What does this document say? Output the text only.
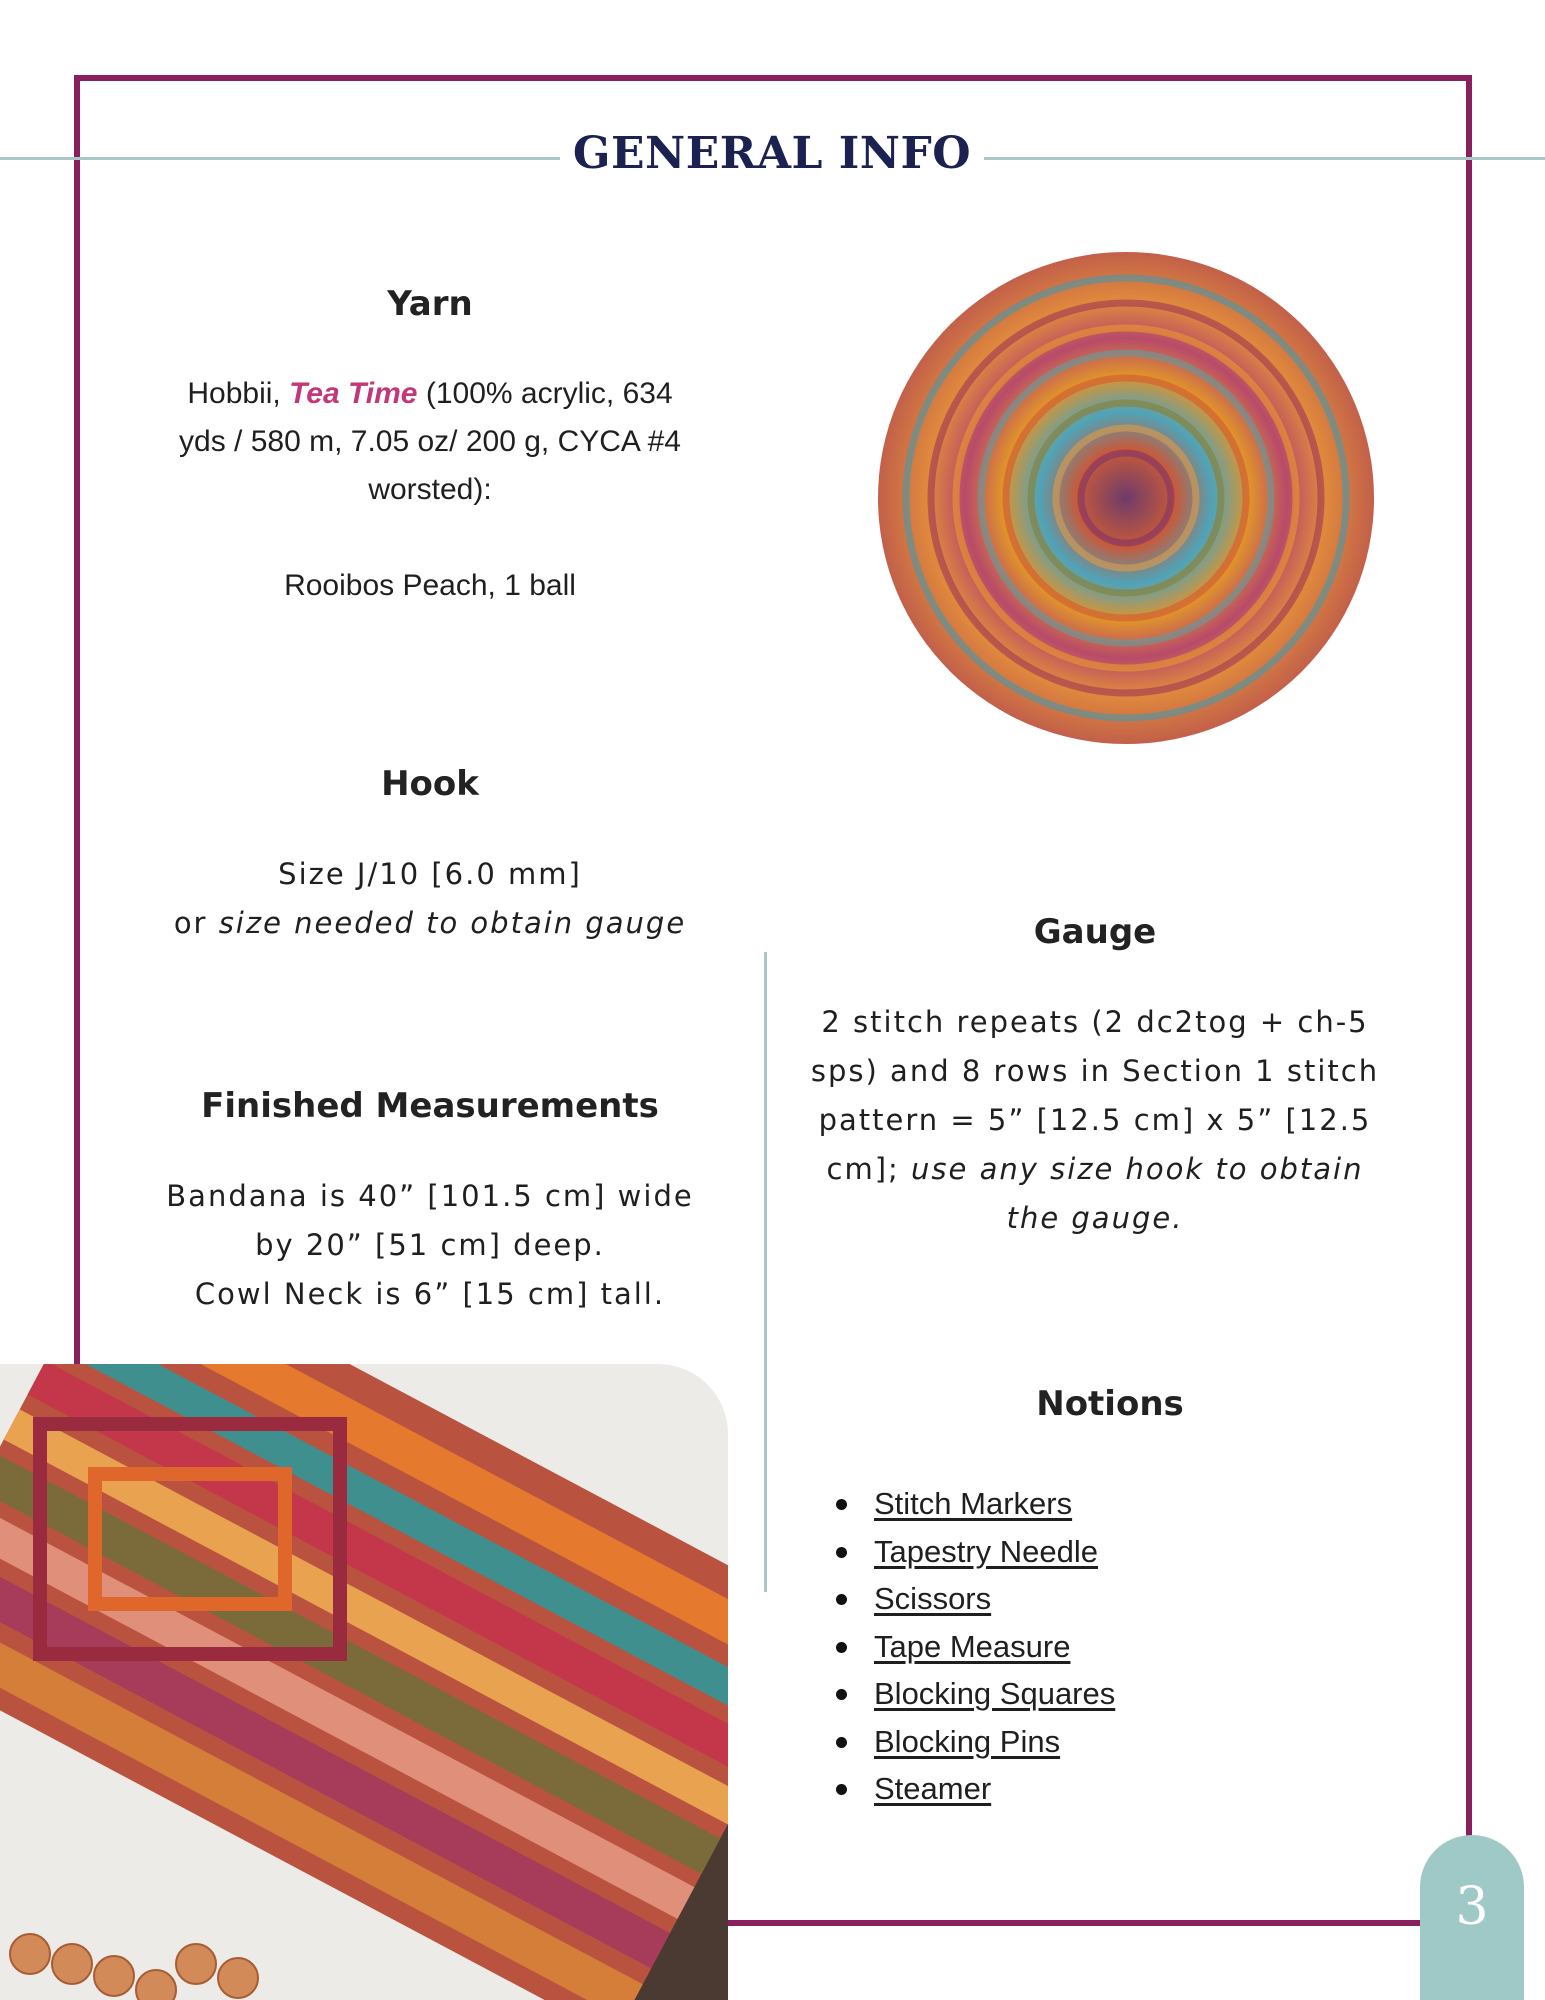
GENERAL INFO
Yarn

Hobbii, Tea Time (100% acrylic, 634 yds / 580 m, 7.05 oz/ 200 g, CYCA #4 worsted):

Rooibos Peach, 1 ball

Hook

Size J/10 [6.0 mm]

or size needed to obtain gauge

Finished Measurements

Bandana is 40” [101.5 cm] wide

by 20” [51 cm] deep.

Cowl Neck is 6” [15 cm] tall.

Gauge

2 stitch repeats (2 dc2tog + ch-5 sps) and 8 rows in Section 1 stitch pattern = 5” [12.5 cm] x 5” [12.5 cm]; use any size hook to obtain the gauge.

Notions
Stitch Markers
Tapestry Needle
Scissors
Tape Measure
Blocking Squares
Blocking Pins
Steamer
3
